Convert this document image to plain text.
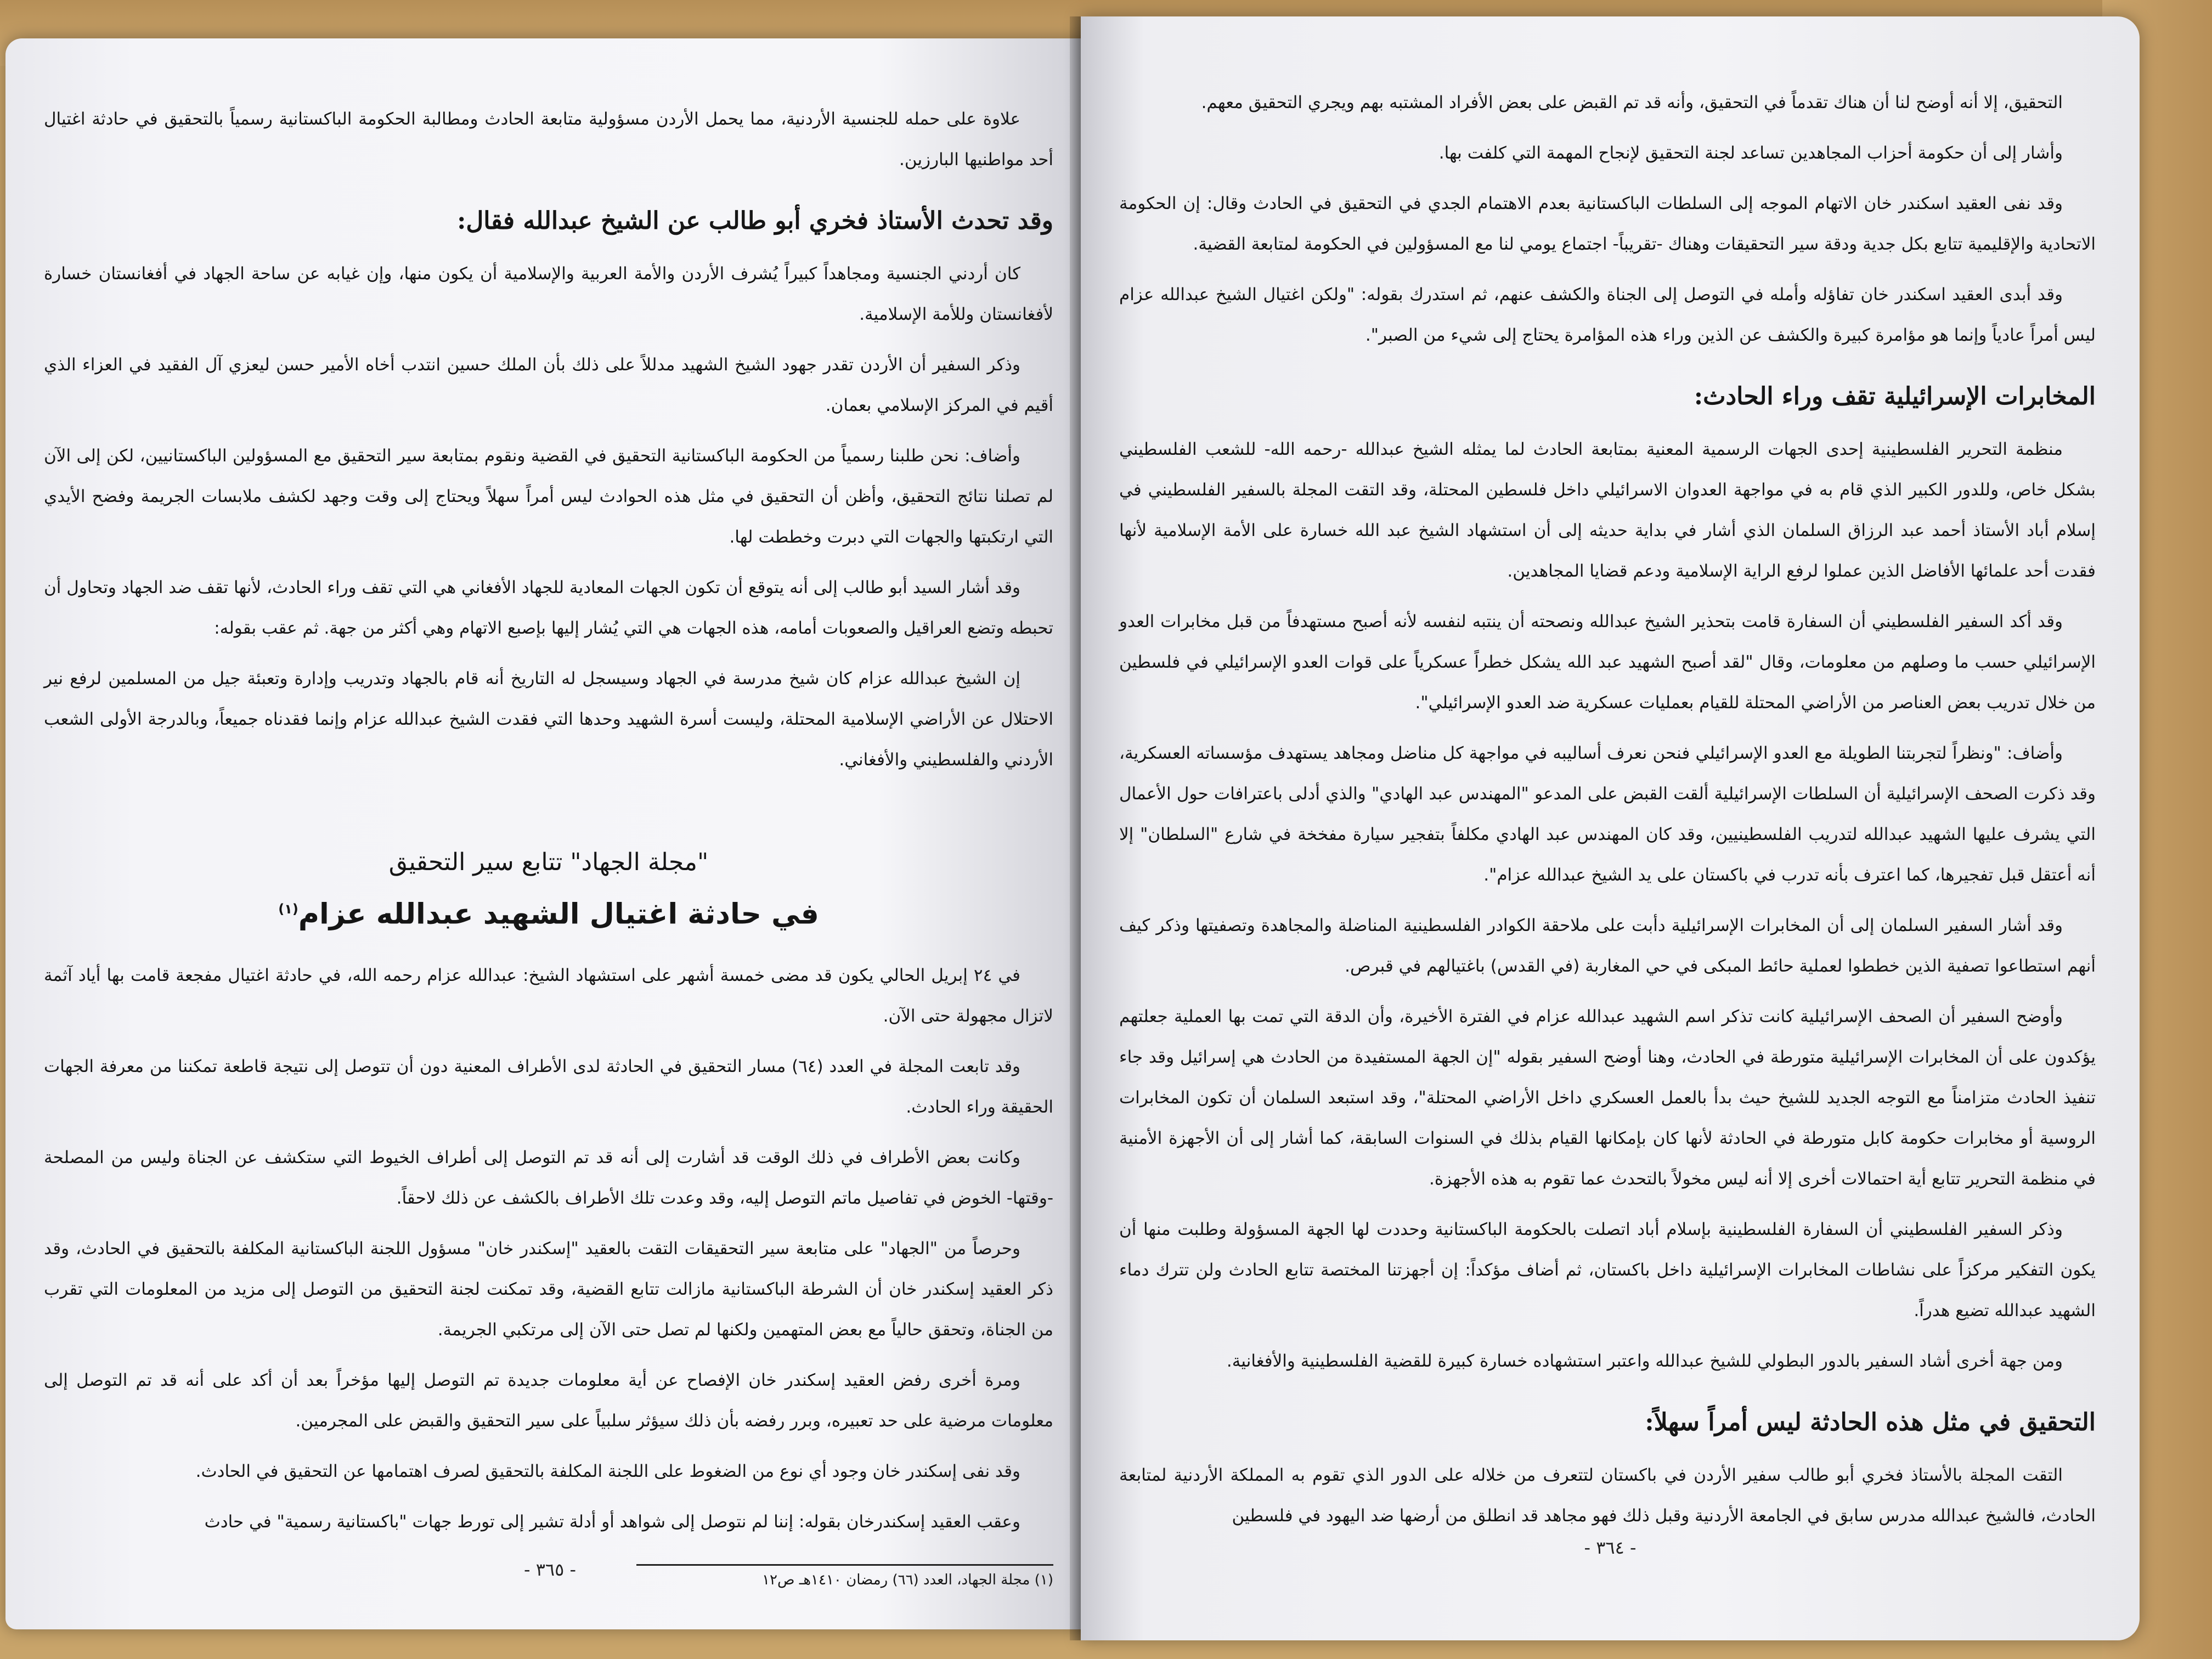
علاوة على حمله للجنسية الأردنية، مما يحمل الأردن مسؤولية متابعة الحادث ومطالبة الحكومة الباكستانية رسمياً بالتحقيق في حادثة اغتيال أحد مواطنيها البارزين.

وقد تحدث الأستاذ فخري أبو طالب عن الشيخ عبدالله فقال:

كان أردني الجنسية ومجاهداً كبيراً يُشرف الأردن والأمة العربية والإسلامية أن يكون منها، وإن غيابه عن ساحة الجهاد في أفغانستان خسارة لأفغانستان وللأمة الإسلامية.

وذكر السفير أن الأردن تقدر جهود الشيخ الشهيد مدللاً على ذلك بأن الملك حسين انتدب أخاه الأمير حسن ليعزي آل الفقيد في العزاء الذي أقيم في المركز الإسلامي بعمان.

وأضاف: نحن طلبنا رسمياً من الحكومة الباكستانية التحقيق في القضية ونقوم بمتابعة سير التحقيق مع المسؤولين الباكستانيين، لكن إلى الآن لم تصلنا نتائج التحقيق، وأظن أن التحقيق في مثل هذه الحوادث ليس أمراً سهلاً ويحتاج إلى وقت وجهد لكشف ملابسات الجريمة وفضح الأيدي التي ارتكبتها والجهات التي دبرت وخططت لها.

وقد أشار السيد أبو طالب إلى أنه يتوقع أن تكون الجهات المعادية للجهاد الأفغاني هي التي تقف وراء الحادث، لأنها تقف ضد الجهاد وتحاول أن تحبطه وتضع العراقيل والصعوبات أمامه، هذه الجهات هي التي يُشار إليها بإصبع الاتهام وهي أكثر من جهة. ثم عقب بقوله:

إن الشيخ عبدالله عزام كان شيخ مدرسة في الجهاد وسيسجل له التاريخ أنه قام بالجهاد وتدريب وإدارة وتعبئة جيل من المسلمين لرفع نير الاحتلال عن الأراضي الإسلامية المحتلة، وليست أسرة الشهيد وحدها التي فقدت الشيخ عبدالله عزام وإنما فقدناه جميعاً، وبالدرجة الأولى الشعب الأردني والفلسطيني والأفغاني.

"مجلة الجهاد" تتابع سير التحقيق

في حادثة اغتيال الشهيد عبدالله عزام$^{(١)}$

في ٢٤ إبريل الحالي يكون قد مضى خمسة أشهر على استشهاد الشيخ: عبدالله عزام رحمه الله، في حادثة اغتيال مفجعة قامت بها أياد آثمة لاتزال مجهولة حتى الآن.

وقد تابعت المجلة في العدد (٦٤) مسار التحقيق في الحادثة لدى الأطراف المعنية دون أن تتوصل إلى نتيجة قاطعة تمكننا من معرفة الجهات الحقيقة وراء الحادث.

وكانت بعض الأطراف في ذلك الوقت قد أشارت إلى أنه قد تم التوصل إلى أطراف الخيوط التي ستكشف عن الجناة وليس من المصلحة -وقتها- الخوض في تفاصيل ماتم التوصل إليه، وقد وعدت تلك الأطراف بالكشف عن ذلك لاحقاً.

وحرصاً من "الجهاد" على متابعة سير التحقيقات التقت بالعقيد "إسكندر خان" مسؤول اللجنة الباكستانية المكلفة بالتحقيق في الحادث، وقد ذكر العقيد إسكندر خان أن الشرطة الباكستانية مازالت تتابع القضية، وقد تمكنت لجنة التحقيق من التوصل إلى مزيد من المعلومات التي تقرب من الجناة، وتحقق حالياً مع بعض المتهمين ولكنها لم تصل حتى الآن إلى مرتكبي الجريمة.

ومرة أخرى رفض العقيد إسكندر خان الإفصاح عن أية معلومات جديدة تم التوصل إليها مؤخراً بعد أن أكد على أنه قد تم التوصل إلى معلومات مرضية على حد تعبيره، وبرر رفضه بأن ذلك سيؤثر سلبياً على سير التحقيق والقبض على المجرمين.

وقد نفى إسكندر خان وجود أي نوع من الضغوط على اللجنة المكلفة بالتحقيق لصرف اهتمامها عن التحقيق في الحادث.

وعقب العقيد إسكندرخان بقوله: إننا لم نتوصل إلى شواهد أو أدلة تشير إلى تورط جهات "باكستانية رسمية" في حادث

(١) مجلة الجهاد، العدد (٦٦) رمضان ١٤١٠هـ ص١٢

- ٣٦٥ -

التحقيق، إلا أنه أوضح لنا أن هناك تقدماً في التحقيق، وأنه قد تم القبض على بعض الأفراد المشتبه بهم ويجري التحقيق معهم.

وأشار إلى أن حكومة أحزاب المجاهدين تساعد لجنة التحقيق لإنجاح المهمة التي كلفت بها.

وقد نفى العقيد اسكندر خان الاتهام الموجه إلى السلطات الباكستانية بعدم الاهتمام الجدي في التحقيق في الحادث وقال: إن الحكومة الاتحادية والإقليمية تتابع بكل جدية ودقة سير التحقيقات وهناك -تقريباً- اجتماع يومي لنا مع المسؤولين في الحكومة لمتابعة القضية.

وقد أبدى العقيد اسكندر خان تفاؤله وأمله في التوصل إلى الجناة والكشف عنهم، ثم استدرك بقوله: "ولكن اغتيال الشيخ عبدالله عزام ليس أمراً عادياً وإنما هو مؤامرة كبيرة والكشف عن الذين وراء هذه المؤامرة يحتاج إلى شيء من الصبر".

المخابرات الإسرائيلية تقف وراء الحادث:

منظمة التحرير الفلسطينية إحدى الجهات الرسمية المعنية بمتابعة الحادث لما يمثله الشيخ عبدالله -رحمه الله- للشعب الفلسطيني بشكل خاص، وللدور الكبير الذي قام به في مواجهة العدوان الاسرائيلي داخل فلسطين المحتلة، وقد التقت المجلة بالسفير الفلسطيني في إسلام أباد الأستاذ أحمد عبد الرزاق السلمان الذي أشار في بداية حديثه إلى أن استشهاد الشيخ عبد الله خسارة على الأمة الإسلامية لأنها فقدت أحد علمائها الأفاضل الذين عملوا لرفع الراية الإسلامية ودعم قضايا المجاهدين.

وقد أكد السفير الفلسطيني أن السفارة قامت بتحذير الشيخ عبدالله ونصحته أن ينتبه لنفسه لأنه أصبح مستهدفاً من قبل مخابرات العدو الإسرائيلي حسب ما وصلهم من معلومات، وقال "لقد أصبح الشهيد عبد الله يشكل خطراً عسكرياً على قوات العدو الإسرائيلي في فلسطين من خلال تدريب بعض العناصر من الأراضي المحتلة للقيام بعمليات عسكرية ضد العدو الإسرائيلي".

وأضاف: "ونظراً لتجربتنا الطويلة مع العدو الإسرائيلي فنحن نعرف أساليبه في مواجهة كل مناضل ومجاهد يستهدف مؤسساته العسكرية، وقد ذكرت الصحف الإسرائيلية أن السلطات الإسرائيلية ألقت القبض على المدعو "المهندس عبد الهادي" والذي أدلى باعترافات حول الأعمال التي يشرف عليها الشهيد عبدالله لتدريب الفلسطينيين، وقد كان المهندس عبد الهادي مكلفاً بتفجير سيارة مفخخة في شارع "السلطان" إلا أنه أعتقل قبل تفجيرها، كما اعترف بأنه تدرب في باكستان على يد الشيخ عبدالله عزام".

وقد أشار السفير السلمان إلى أن المخابرات الإسرائيلية دأبت على ملاحقة الكوادر الفلسطينية المناضلة والمجاهدة وتصفيتها وذكر كيف أنهم استطاعوا تصفية الذين خططوا لعملية حائط المبكى في حي المغاربة (في القدس) باغتيالهم في قبرص.

وأوضح السفير أن الصحف الإسرائيلية كانت تذكر اسم الشهيد عبدالله عزام في الفترة الأخيرة، وأن الدقة التي تمت بها العملية جعلتهم يؤكدون على أن المخابرات الإسرائيلية متورطة في الحادث، وهنا أوضح السفير بقوله "إن الجهة المستفيدة من الحادث هي إسرائيل وقد جاء تنفيذ الحادث متزامناً مع التوجه الجديد للشيخ حيث بدأ بالعمل العسكري داخل الأراضي المحتلة"، وقد استبعد السلمان أن تكون المخابرات الروسية أو مخابرات حكومة كابل متورطة في الحادثة لأنها كان بإمكانها القيام بذلك في السنوات السابقة، كما أشار إلى أن الأجهزة الأمنية في منظمة التحرير تتابع أية احتمالات أخرى إلا أنه ليس مخولاً بالتحدث عما تقوم به هذه الأجهزة.

وذكر السفير الفلسطيني أن السفارة الفلسطينية بإسلام أباد اتصلت بالحكومة الباكستانية وحددت لها الجهة المسؤولة وطلبت منها أن يكون التفكير مركزاً على نشاطات المخابرات الإسرائيلية داخل باكستان، ثم أضاف مؤكداً: إن أجهزتنا المختصة تتابع الحادث ولن تترك دماء الشهيد عبدالله تضيع هدراً.

ومن جهة أخرى أشاد السفير بالدور البطولي للشيخ عبدالله واعتبر استشهاده خسارة كبيرة للقضية الفلسطينية والأفغانية.

التحقيق في مثل هذه الحادثة ليس أمراً سهلاً:

التقت المجلة بالأستاذ فخري أبو طالب سفير الأردن في باكستان لتتعرف من خلاله على الدور الذي تقوم به المملكة الأردنية لمتابعة الحادث، فالشيخ عبدالله مدرس سابق في الجامعة الأردنية وقبل ذلك فهو مجاهد قد انطلق من أرضها ضد اليهود في فلسطين

- ٣٦٤ -
